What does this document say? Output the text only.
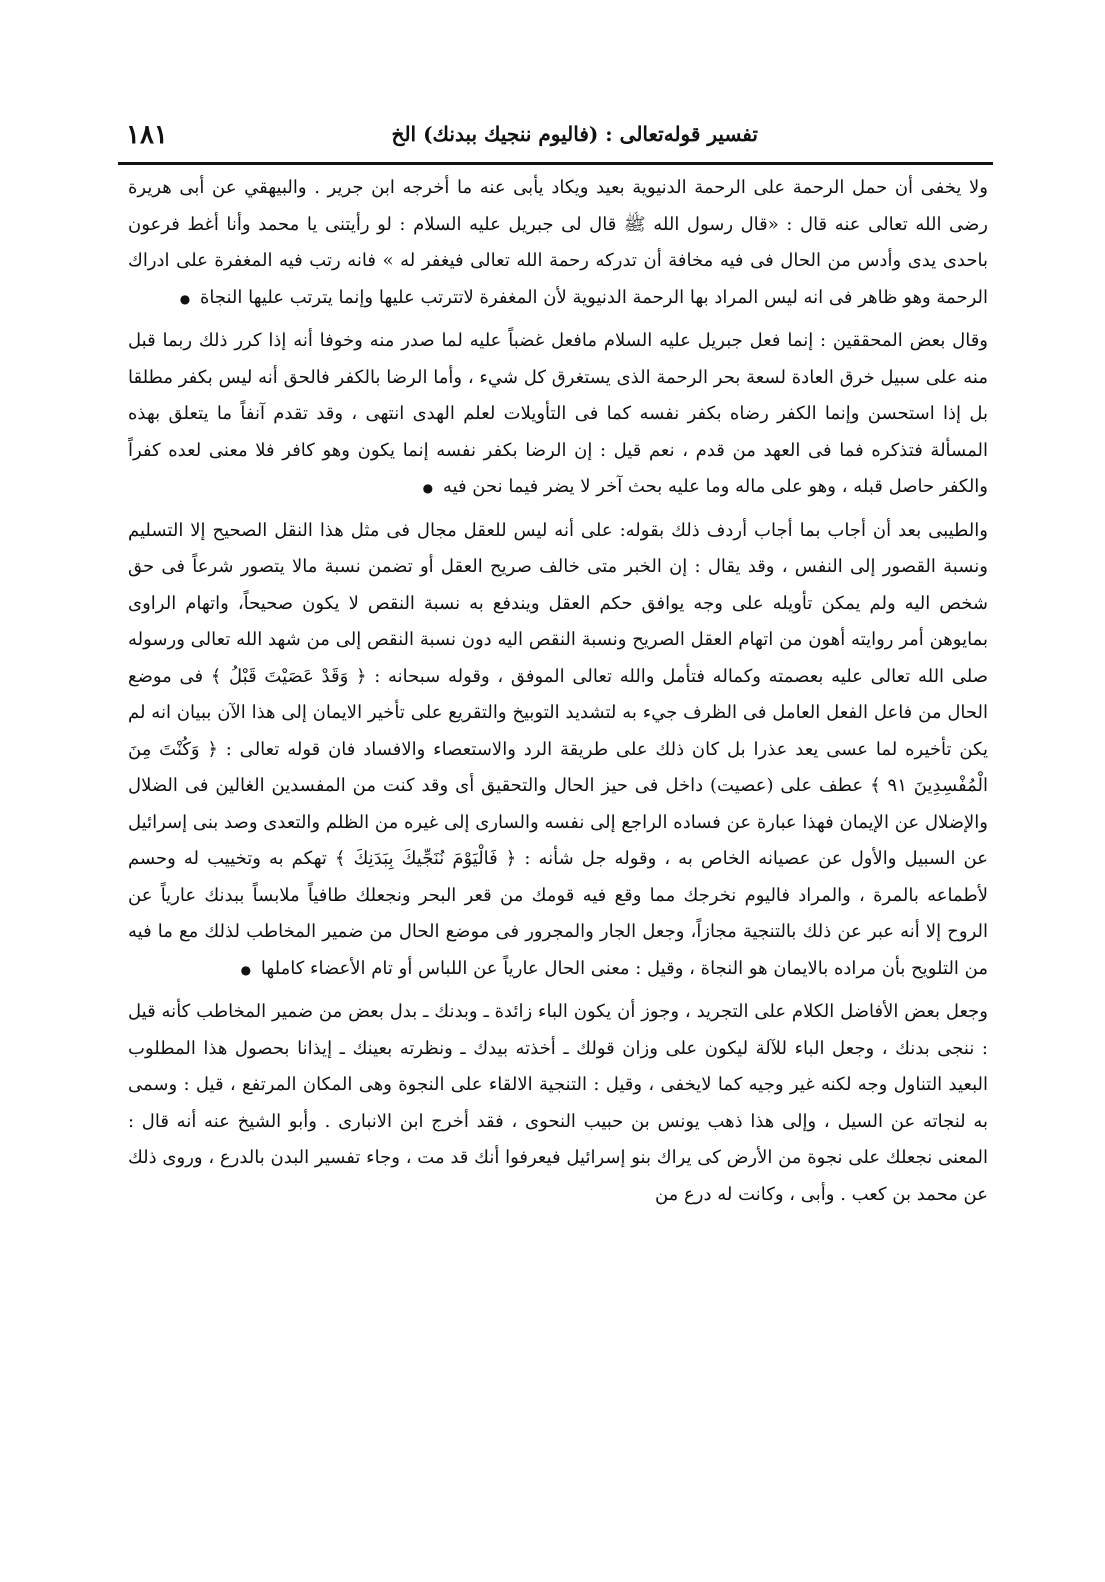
تفسير قوله‌تعالى : (فاليوم ننجيك ببدنك) الخ
١٨١

ولا يخفى أن حمل الرحمة على الرحمة الدنيوية بعيد ويكاد يأبى عنه ما أخرجه ابن جرير . والبيهقي عن أبى هريرة رضى الله تعالى عنه قال : «قال رسول الله ﷺ قال لى جبريل عليه السلام : لو رأيتنى يا محمد وأنا أغط فرعون باحدى يدى وأدس من الحال فى فيه مخافة أن تدركه رحمة الله تعالى فيغفر له » فانه رتب فيه المغفرة على ادراك الرحمة وهو ظاهر فى انه ليس المراد بها الرحمة الدنيوية لأن المغفرة لاتترتب عليها وإنما يترتب عليها النجاة ●

وقال بعض المحققين : إنما فعل جبريل عليه السلام مافعل غضباً عليه لما صدر منه وخوفا أنه إذا كرر ذلك ربما قبل منه على سبيل خرق العادة لسعة بحر الرحمة الذى يستغرق كل شيء ، وأما الرضا بالكفر فالحق أنه ليس بكفر مطلقا بل إذا استحسن وإنما الكفر رضاه بكفر نفسه كما فى التأويلات لعلم الهدى انتهى ، وقد تقدم آنفاً ما يتعلق بهذه المسألة فتذكره فما فى العهد من قدم ، نعم قيل : إن الرضا بكفر نفسه إنما يكون وهو كافر فلا معنى لعده كفراً والكفر حاصل قبله ، وهو على ماله وما عليه بحث آخر لا يضر فيما نحن فيه ●

والطيبى بعد أن أجاب بما أجاب أردف ذلك بقوله: على أنه ليس للعقل مجال فى مثل هذا النقل الصحيح إلا التسليم ونسبة القصور إلى النفس ، وقد يقال : إن الخبر متى خالف صريح العقل أو تضمن نسبة مالا يتصور شرعاً فى حق شخص اليه ولم يمكن تأويله على وجه يوافق حكم العقل ويندفع به نسبة النقص لا يكون صحيحاً، واتهام الراوى بمايوهن أمر روايته أهون من اتهام العقل الصريح ونسبة النقص اليه دون نسبة النقص إلى من شهد الله تعالى ورسوله صلى الله تعالى عليه بعصمته وكماله فتأمل والله تعالى الموفق ، وقوله سبحانه : ﴿ وَقَدْ عَصَيْتَ قَبْلُ ﴾ فى موضع الحال من فاعل الفعل العامل فى الظرف جيء به لتشديد التوبيخ والتقريع على تأخير الايمان إلى هذا الآن ببيان انه لم يكن تأخيره لما عسى يعد عذرا بل كان ذلك على طريقة الرد والاستعصاء والافساد فان قوله تعالى : ﴿ وَكُنْتَ مِنَ الْمُفْسِدِينَ ٩١ ﴾ عطف على (عصيت) داخل فى حيز الحال والتحقيق أى وقد كنت من المفسدين الغالين فى الضلال والإضلال عن الإيمان فهذا عبارة عن فساده الراجع إلى نفسه والسارى إلى غيره من الظلم والتعدى وصد بنى إسرائيل عن السبيل والأول عن عصيانه الخاص به ، وقوله جل شأنه : ﴿ فَالْيَوْمَ نُنَجِّيكَ بِبَدَنِكَ ﴾ تهكم به وتخييب له وحسم لأطماعه بالمرة ، والمراد فاليوم نخرجك مما وقع فيه قومك من قعر البحر ونجعلك طافياً ملابساً ببدنك عارياً عن الروح إلا أنه عبر عن ذلك بالتنجية مجازاً، وجعل الجار والمجرور فى موضع الحال من ضمير المخاطب لذلك مع ما فيه من التلويح بأن مراده بالايمان هو النجاة ، وقيل : معنى الحال عارياً عن اللباس أو تام الأعضاء كاملها ●

وجعل بعض الأفاضل الكلام على التجريد ، وجوز أن يكون الباء زائدة ـ وبدنك ـ بدل بعض من ضمير المخاطب كأنه قيل : ننجى بدنك ، وجعل الباء للآلة ليكون على وزان قولك ـ أخذته بيدك ـ ونظرته بعينك ـ إيذانا بحصول هذا المطلوب البعيد التناول وجه لكنه غير وجيه كما لايخفى ، وقيل : التنجية الالقاء على النجوة وهى المكان المرتفع ، قيل : وسمى به لنجاته عن السيل ، وإلى هذا ذهب يونس بن حبيب النحوى ، فقد أخرج ابن الانبارى . وأبو الشيخ عنه أنه قال : المعنى نجعلك على نجوة من الأرض كى يراك بنو إسرائيل فيعرفوا أنك قد مت ، وجاء تفسير البدن بالدرع ، وروى ذلك عن محمد بن كعب . وأبى ، وكانت له درع من
